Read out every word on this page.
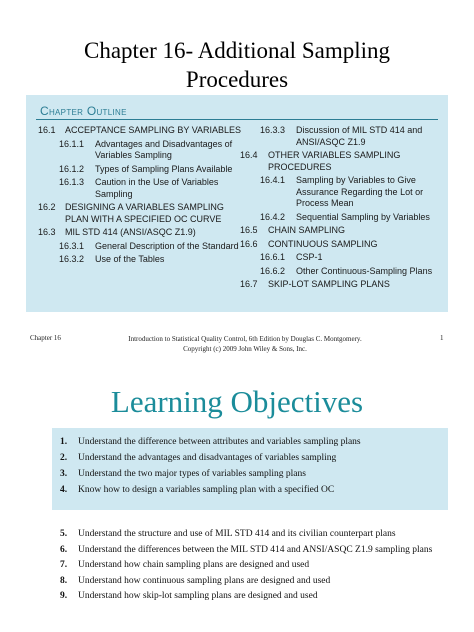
Chapter 16- Additional Sampling Procedures
Chapter Outline
16.1	ACCEPTANCE SAMPLING BY VARIABLES
16.1.1	Advantages and Disadvantages of Variables Sampling
16.1.2	Types of Sampling Plans Available
16.1.3	Caution in the Use of Variables Sampling
16.2	DESIGNING A VARIABLES SAMPLING PLAN WITH A SPECIFIED OC CURVE
16.3	MIL STD 414 (ANSI/ASQC Z1.9)
16.3.1	General Description of the Standard
16.3.2	Use of the Tables
16.3.3	Discussion of MIL STD 414 and ANSI/ASQC Z1.9
16.4	OTHER VARIABLES SAMPLING PROCEDURES
16.4.1	Sampling by Variables to Give Assurance Regarding the Lot or Process Mean
16.4.2	Sequential Sampling by Variables
16.5	CHAIN SAMPLING
16.6	CONTINUOUS SAMPLING
16.6.1	CSP-1
16.6.2	Other Continuous-Sampling Plans
16.7	SKIP-LOT SAMPLING PLANS
Chapter 16	Introduction to Statistical Quality Control, 6th Edition by Douglas C. Montgomery.
Copyright (c) 2009 John Wiley & Sons, Inc.
1
Learning Objectives
1.	Understand the difference between attributes and variables sampling plans
2.	Understand the advantages and disadvantages of variables sampling
3.	Understand the two major types of variables sampling plans
4.	Know how to design a variables sampling plan with a specified OC
5.	Understand the structure and use of MIL STD 414 and its civilian counterpart plans
6.	Understand the differences between the MIL STD 414 and ANSI/ASQC Z1.9 sampling plans
7.	Understand how chain sampling plans are designed and used
8.	Understand how continuous sampling plans are designed and used
9.	Understand how skip-lot sampling plans are designed and used
